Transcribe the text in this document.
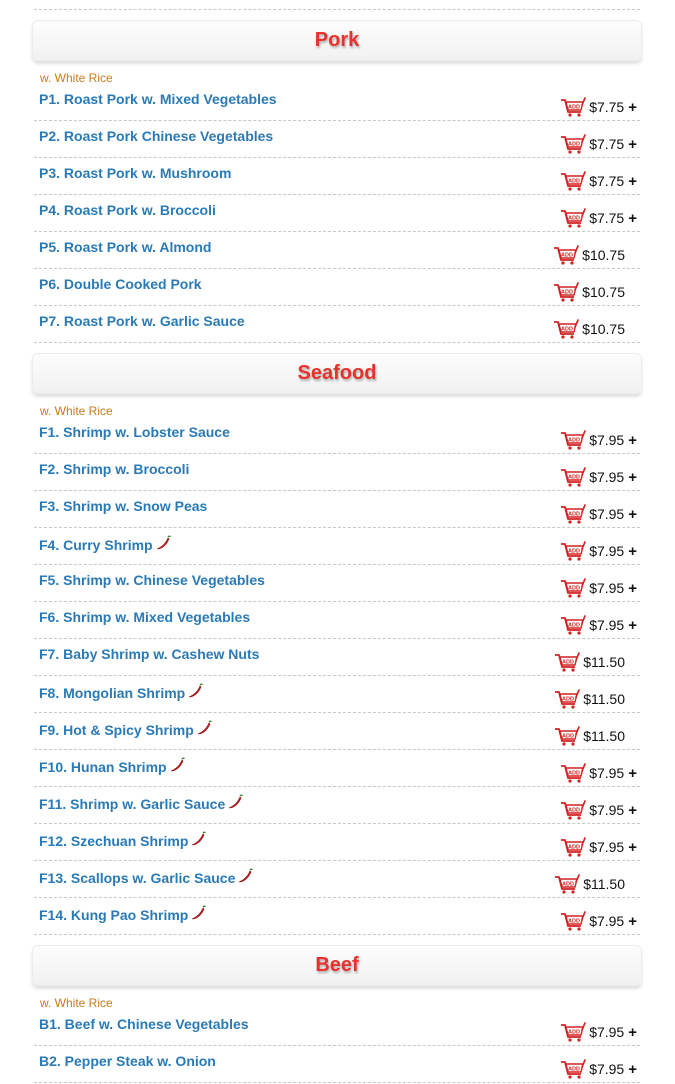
Pork
w. White Rice
P1. Roast Pork w. Mixed Vegetables
ADD $7.75 +
P2. Roast Pork Chinese Vegetables
ADD $7.75 +
P3. Roast Pork w. Mushroom
ADD $7.75 +
P4. Roast Pork w. Broccoli
ADD $7.75 +
P5. Roast Pork w. Almond
ADD $10.75
P6. Double Cooked Pork
ADD $10.75
P7. Roast Pork w. Garlic Sauce
ADD $10.75
Seafood
w. White Rice
F1. Shrimp w. Lobster Sauce
ADD $7.95 +
F2. Shrimp w. Broccoli
ADD $7.95 +
F3. Shrimp w. Snow Peas
ADD $7.95 +
F4. Curry Shrimp	ADD $7.95 +
F5. Shrimp w. Chinese Vegetables
ADD $7.95 +
F6. Shrimp w. Mixed Vegetables
ADD $7.95 +
F7. Baby Shrimp w. Cashew Nuts
ADD $11.50
F8. Mongolian Shrimp	ADD $11.50
F9. Hot & Spicy Shrimp	ADD $11.50
F10. Hunan Shrimp	ADD $7.95 +
F11. Shrimp w. Garlic Sauce	ADD $7.95 +
F12. Szechuan Shrimp	ADD $7.95 +
F13. Scallops w. Garlic Sauce	ADD $11.50
F14. Kung Pao Shrimp	ADD $7.95 +
Beef
w. White Rice
B1. Beef w. Chinese Vegetables
ADD $7.95 +
B2. Pepper Steak w. Onion
ADD $7.95 +
